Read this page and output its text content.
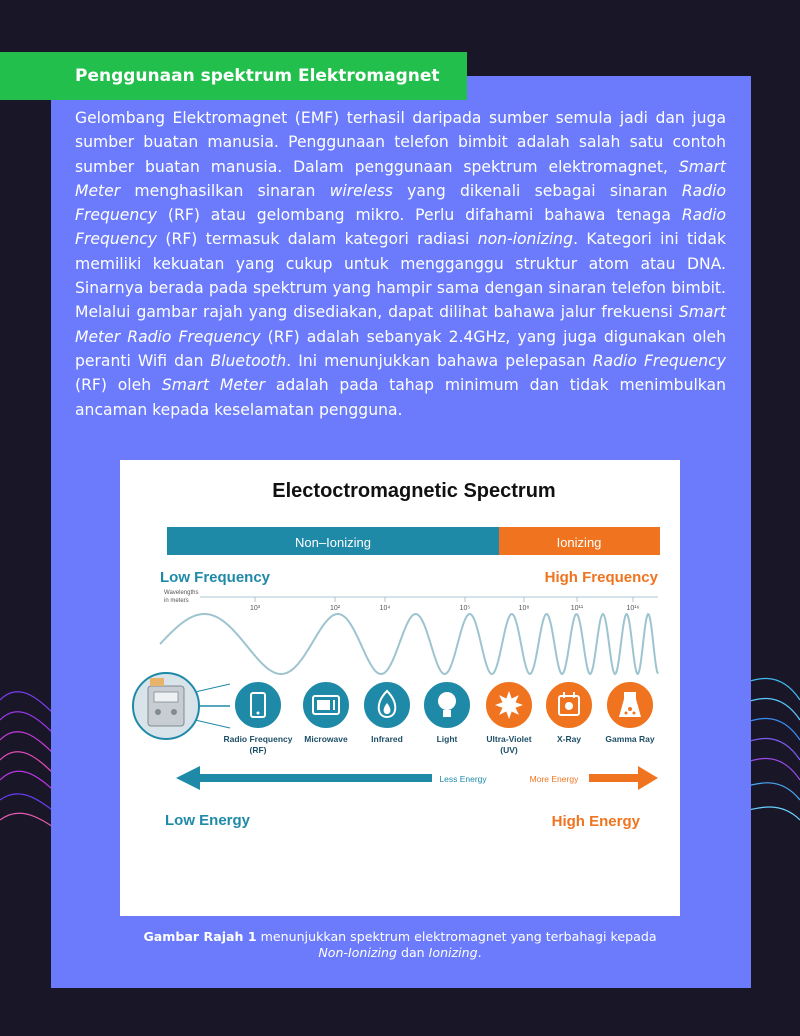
Penggunaan spektrum Elektromagnet

Gelombang Elektromagnet (EMF) terhasil daripada sumber semula jadi dan juga sumber buatan manusia. Penggunaan telefon bimbit adalah salah satu contoh sumber buatan manusia. Dalam penggunaan spektrum elektromagnet, Smart Meter menghasilkan sinaran wireless yang dikenali sebagai sinaran Radio Frequency (RF) atau gelombang mikro. Perlu difahami bahawa tenaga Radio Frequency (RF) termasuk dalam kategori radiasi non-ionizing. Kategori ini tidak memiliki kekuatan yang cukup untuk mengganggu struktur atom atau DNA. Sinarnya berada pada spektrum yang hampir sama dengan sinaran telefon bimbit. Melalui gambar rajah yang disediakan, dapat dilihat bahawa jalur frekuensi Smart Meter Radio Frequency (RF) adalah sebanyak 2.4GHz, yang juga digunakan oleh peranti Wifi dan Bluetooth. Ini menunjukkan bahawa pelepasan Radio Frequency (RF) oleh Smart Meter adalah pada tahap minimum dan tidak menimbulkan ancaman kepada keselamatan pengguna.

Electoctromagnetic Spectrum
Non–Ionizing	Ionizing
Low Frequency	High Frequency
Wavelengths
in meters
10³	10²	10⁴	10⁵	10⁸	10¹¹	10¹⁶
Radio Frequency
(RF)
Microwave	Infrared	Light	Ultra-Violet
(UV)
X-Ray	Gamma Ray
Less Energy	More Energy
Low Energy	High Energy

Gambar Rajah 1 menunjukkan spektrum elektromagnet yang terbahagi kepada
Non-Ionizing dan Ionizing.
